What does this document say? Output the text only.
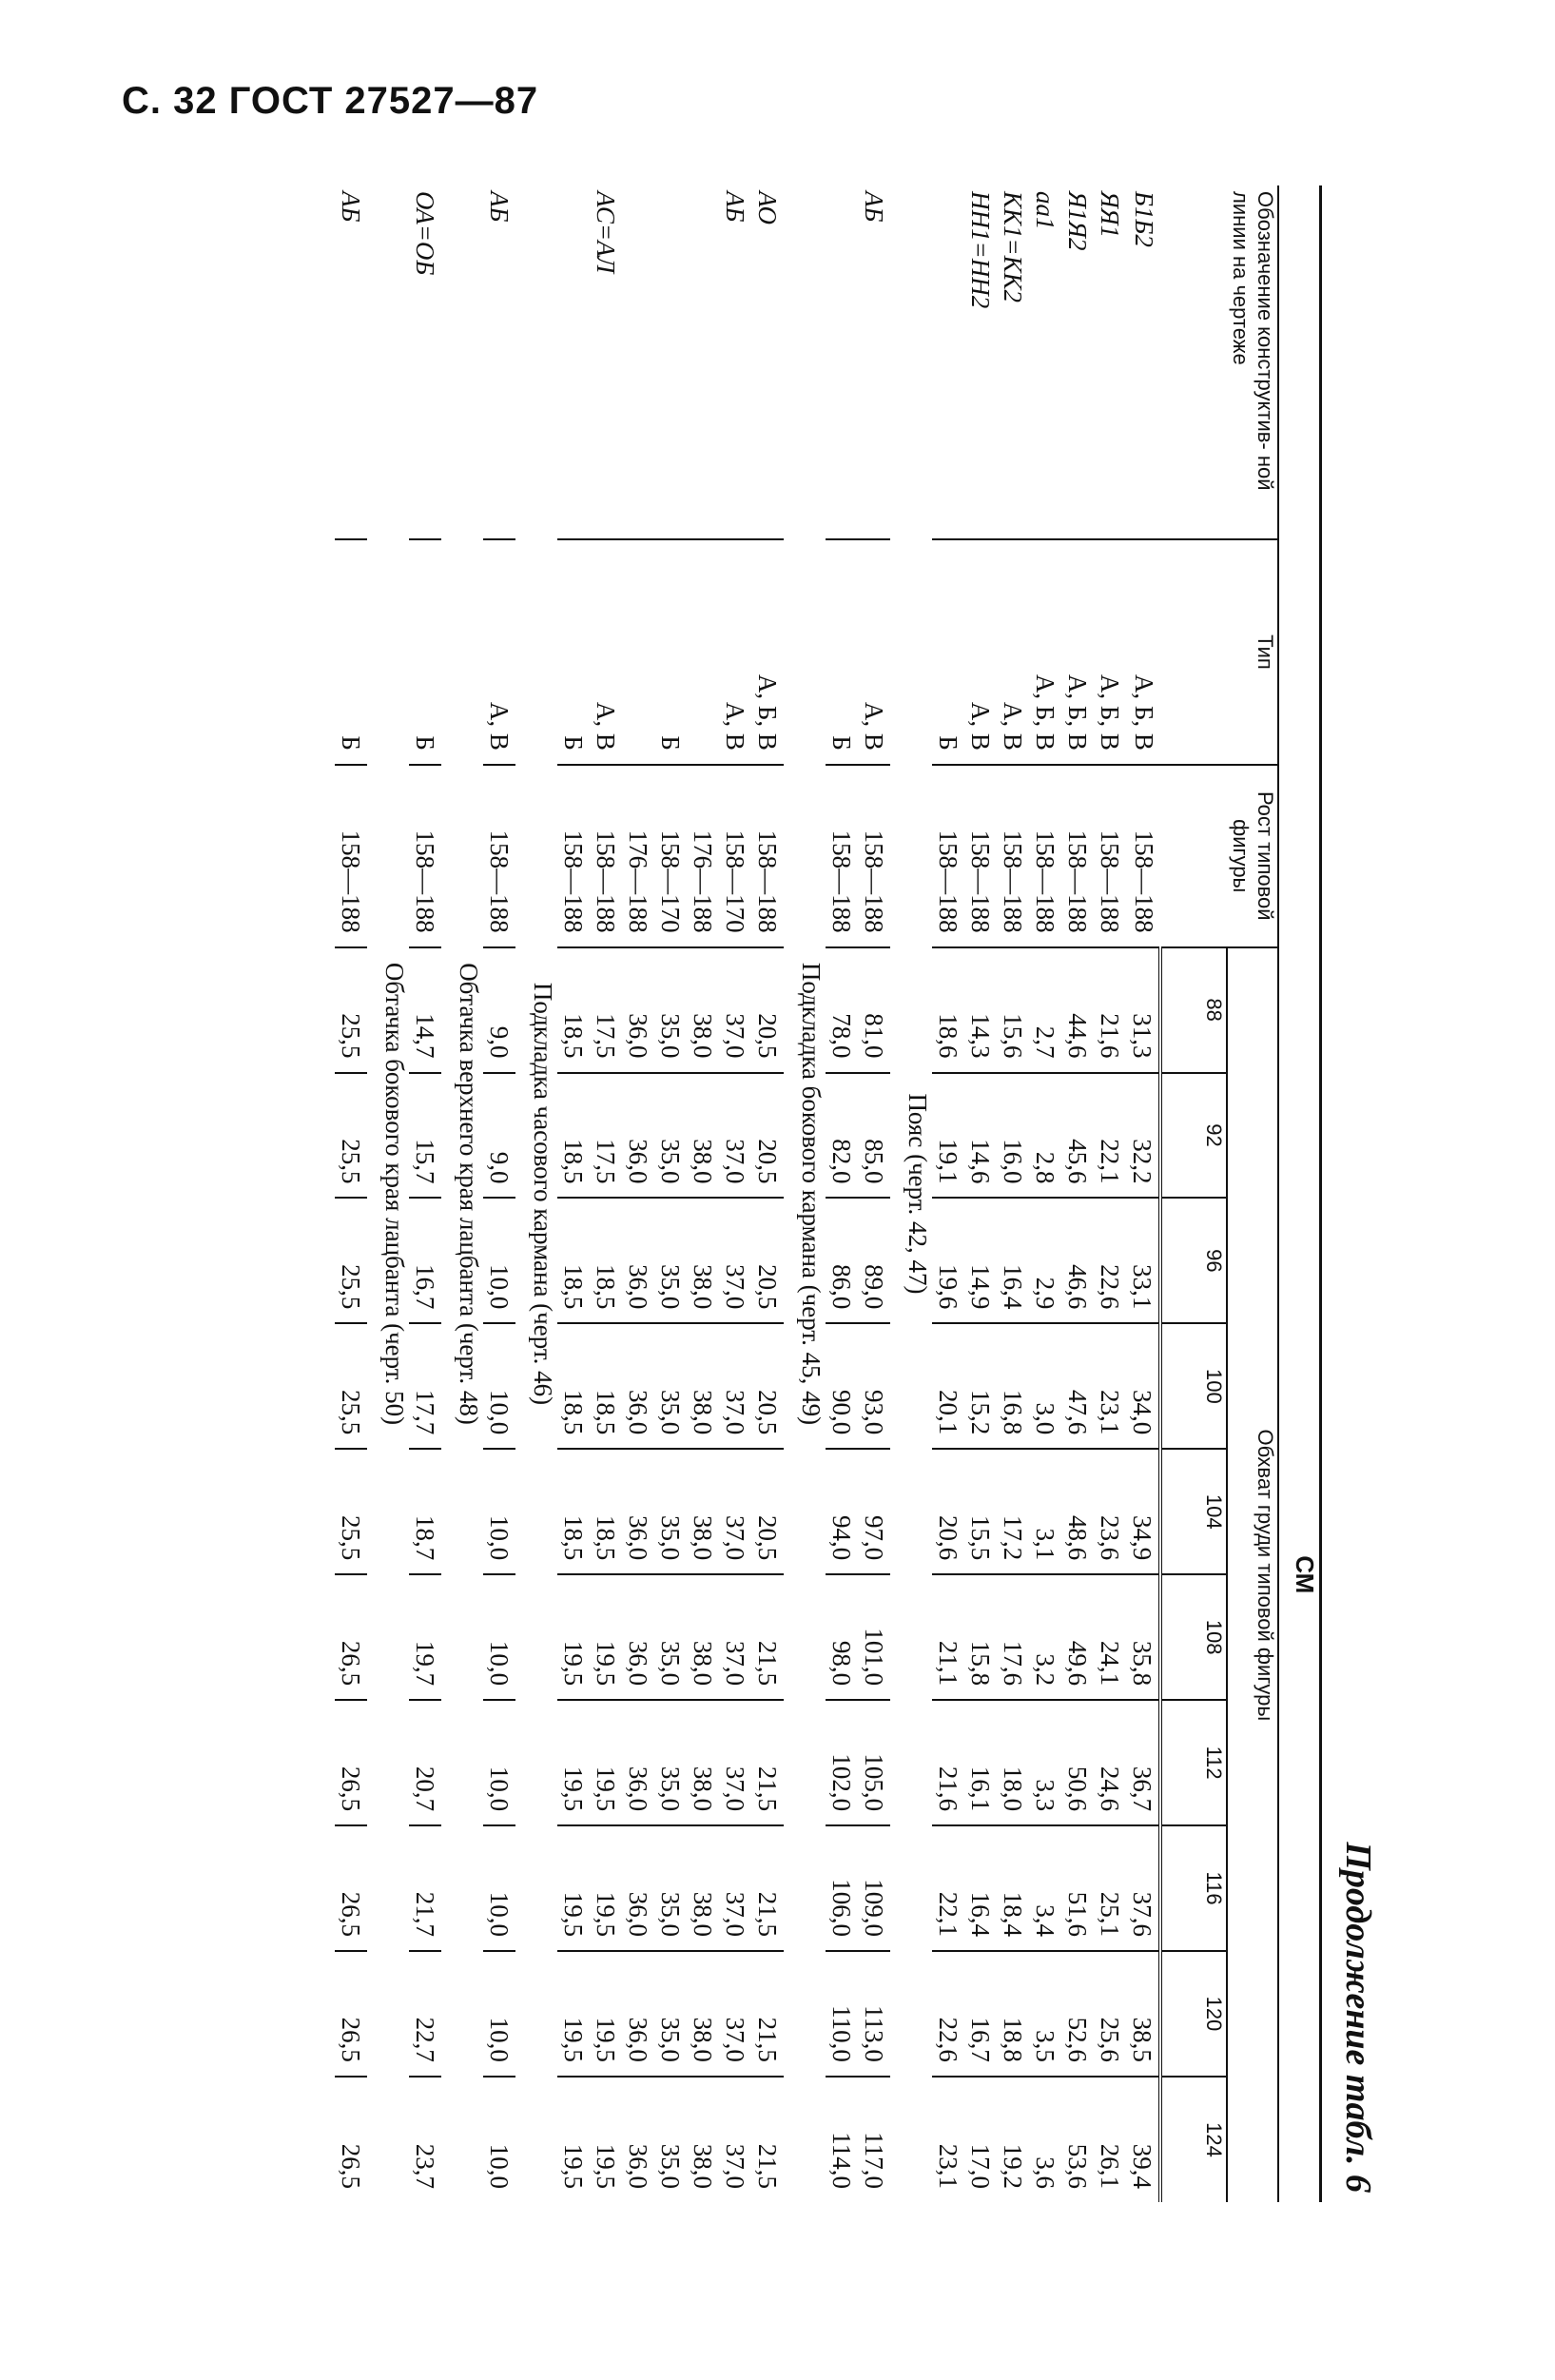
С. 32 ГОСТ 27527—87
Продолжение табл. 6
			СМ									
Обозначение конструктив- ной линии на чертеже	Тип	Рост типовой фигуры	Обхват груди типовой фигуры									
			88	92	96	100	104	108	112	116	120	124
Б1Б2	А, Б, В	158—188	31,3	32,2	33,1	34,0	34,9	35,8	36,7	37,6	38,5	39,4
ЯЯ1	А, Б, В	158—188	21,6	22,1	22,6	23,1	23,6	24,1	24,6	25,1	25,6	26,1
Я1Я2	А, Б, В	158—188	44,6	45,6	46,6	47,6	48,6	49,6	50,6	51,6	52,6	53,6
аа1	А, Б, В	158—188	2,7	2,8	2,9	3,0	3,1	3,2	3,3	3,4	3,5	3,6
КК1=КК2	А, В	158—188	15,6	16,0	16,4	16,8	17,2	17,6	18,0	18,4	18,8	19,2
НН1=НН2	А, В	158—188	14,3	14,6	14,9	15,2	15,5	15,8	16,1	16,4	16,7	17,0
	Б	158—188	18,6	19,1	19,6	20,1	20,6	21,1	21,6	22,1	22,6	23,1
Пояс (черт. 42, 47)												
АБ	А, В	158—188	81,0	85,0	89,0	93,0	97,0	101,0	105,0	109,0	113,0	117,0
	Б	158—188	78,0	82,0	86,0	90,0	94,0	98,0	102,0	106,0	110,0	114,0
Подкладка бокового кармана (черт. 45, 49)												
АО	А, Б, В	158—188	20,5	20,5	20,5	20,5	20,5	21,5	21,5	21,5	21,5	21,5
АБ	А, В	158—170	37,0	37,0	37,0	37,0	37,0	37,0	37,0	37,0	37,0	37,0
		176—188	38,0	38,0	38,0	38,0	38,0	38,0	38,0	38,0	38,0	38,0
	Б	158—170	35,0	35,0	35,0	35,0	35,0	35,0	35,0	35,0	35,0	35,0
		176—188	36,0	36,0	36,0	36,0	36,0	36,0	36,0	36,0	36,0	36,0
АС=АЛ	А, В	158—188	17,5	17,5	18,5	18,5	18,5	19,5	19,5	19,5	19,5	19,5
	Б	158—188	18,5	18,5	18,5	18,5	18,5	19,5	19,5	19,5	19,5	19,5
Подкладка часового кармана (черт. 46)												
АБ	А, В	158—188	9,0	9,0	10,0	10,0	10,0	10,0	10,0	10,0	10,0	10,0
Обтачка верхнего края лацбанта (черт. 48)												
ОА=ОБ	Б	158—188	14,7	15,7	16,7	17,7	18,7	19,7	20,7	21,7	22,7	23,7
Обтачка бокового края лацбанта (черт. 50)												
АБ	Б	158—188	25,5	25,5	25,5	25,5	25,5	26,5	26,5	26,5	26,5	26,5
